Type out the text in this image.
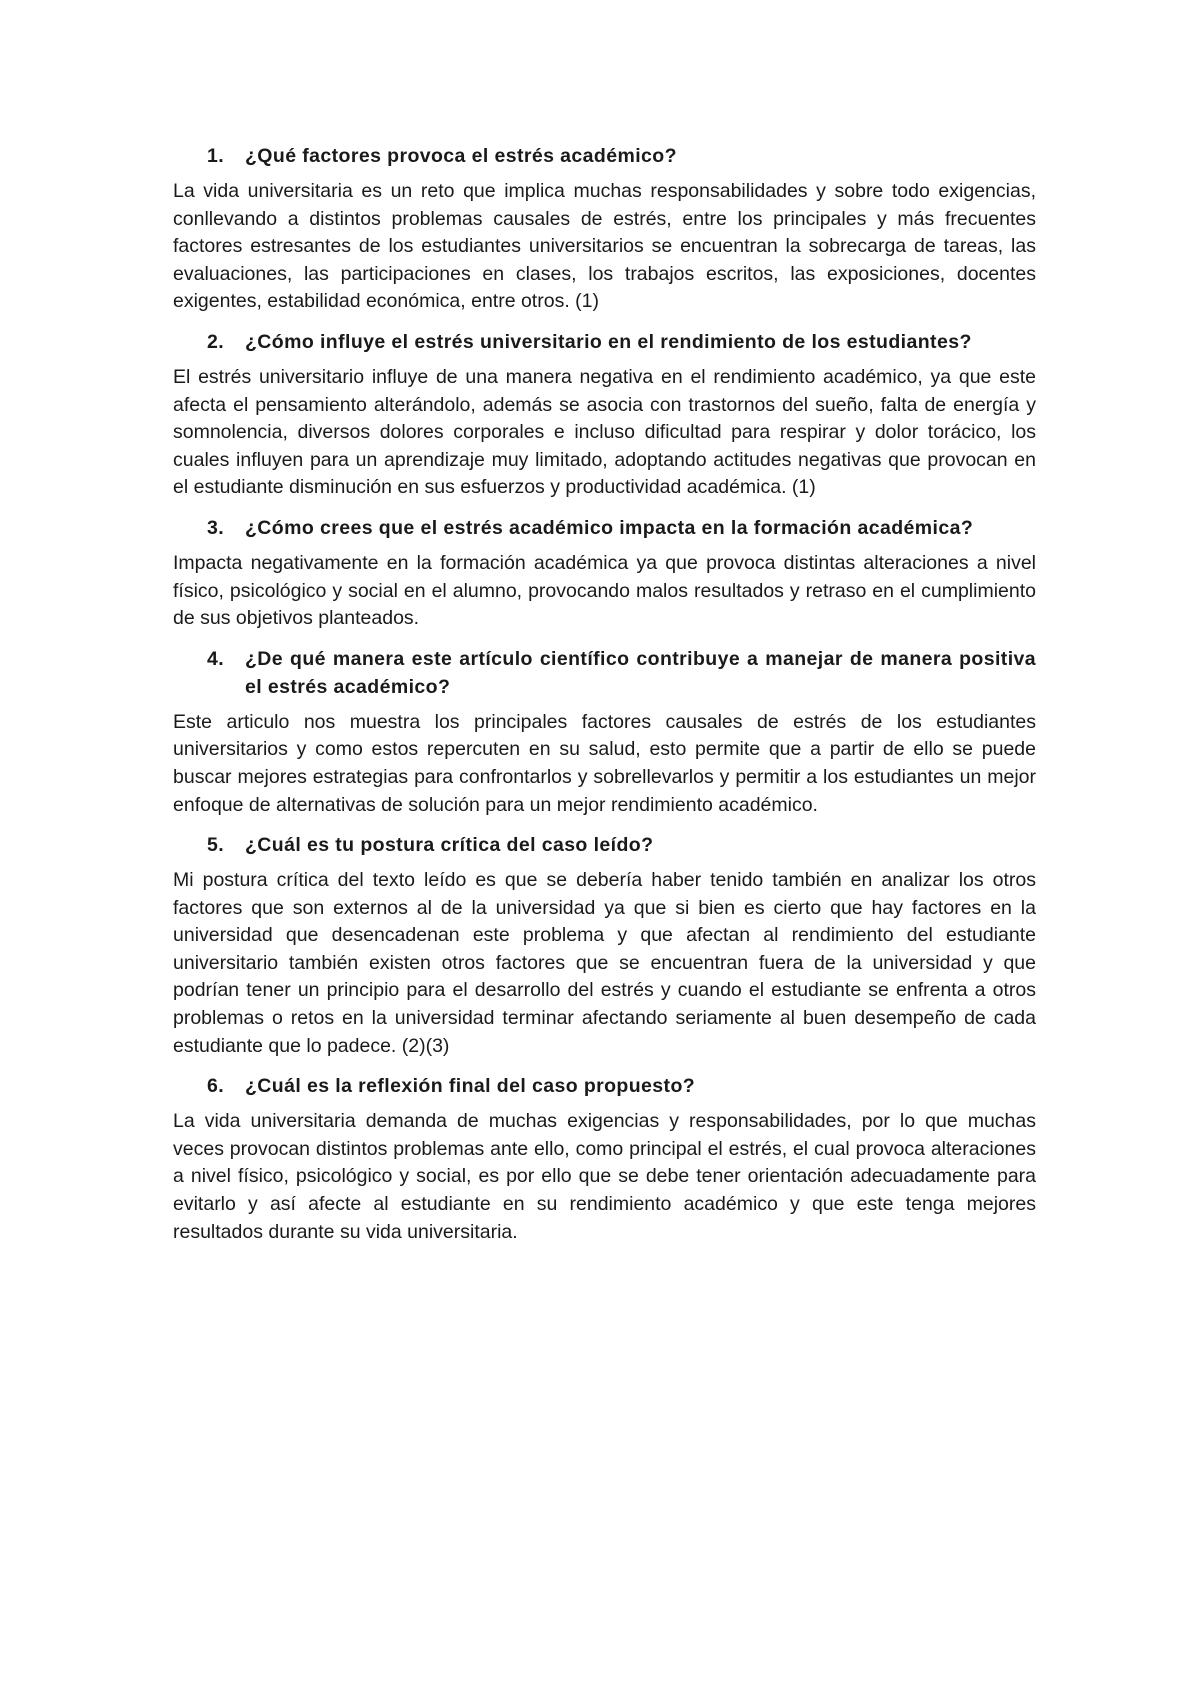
1.	¿Qué factores provoca el estrés académico?

La vida universitaria es un reto que implica muchas responsabilidades y sobre todo exigencias, conllevando a distintos problemas causales de estrés, entre los principales y más frecuentes factores estresantes de los estudiantes universitarios se encuentran la sobrecarga de tareas, las evaluaciones, las participaciones en clases, los trabajos escritos, las exposiciones, docentes exigentes, estabilidad económica, entre otros. (1)

2.	¿Cómo influye el estrés universitario en el rendimiento de los estudiantes?

El estrés universitario influye de una manera negativa en el rendimiento académico, ya que este afecta el pensamiento alterándolo, además se asocia con trastornos del sueño, falta de energía y somnolencia, diversos dolores corporales e incluso dificultad para respirar y dolor torácico, los cuales influyen para un aprendizaje muy limitado, adoptando actitudes negativas que provocan en el estudiante disminución en sus esfuerzos y productividad académica. (1)

3.	¿Cómo crees que el estrés académico impacta en la formación académica?

Impacta negativamente en la formación académica ya que provoca distintas alteraciones a nivel físico, psicológico y social en el alumno, provocando malos resultados y retraso en el cumplimiento de sus objetivos planteados.

4.	¿De qué manera este artículo científico contribuye a manejar de manera positiva el estrés académico?

Este articulo nos muestra los principales factores causales de estrés de los estudiantes universitarios y como estos repercuten en su salud, esto permite que a partir de ello se puede buscar mejores estrategias para confrontarlos y sobrellevarlos y permitir a los estudiantes un mejor enfoque de alternativas de solución para un mejor rendimiento académico.

5.	¿Cuál es tu postura crítica del caso leído?

Mi postura crítica del texto leído es que se debería haber tenido también en analizar los otros factores que son externos al de la universidad ya que si bien es cierto que hay factores en la universidad que desencadenan este problema y que afectan al rendimiento del estudiante universitario también existen otros factores que se encuentran fuera de la universidad y que podrían tener un principio para el desarrollo del estrés y cuando el estudiante se enfrenta a otros problemas o retos en la universidad terminar afectando seriamente al buen desempeño de cada estudiante que lo padece. (2)(3)

6.	¿Cuál es la reflexión final del caso propuesto?

La vida universitaria demanda de muchas exigencias y responsabilidades, por lo que muchas veces provocan distintos problemas ante ello, como principal el estrés, el cual provoca alteraciones a nivel físico, psicológico y social, es por ello que se debe tener orientación adecuadamente para evitarlo y así afecte al estudiante en su rendimiento académico y que este tenga mejores resultados durante su vida universitaria.
